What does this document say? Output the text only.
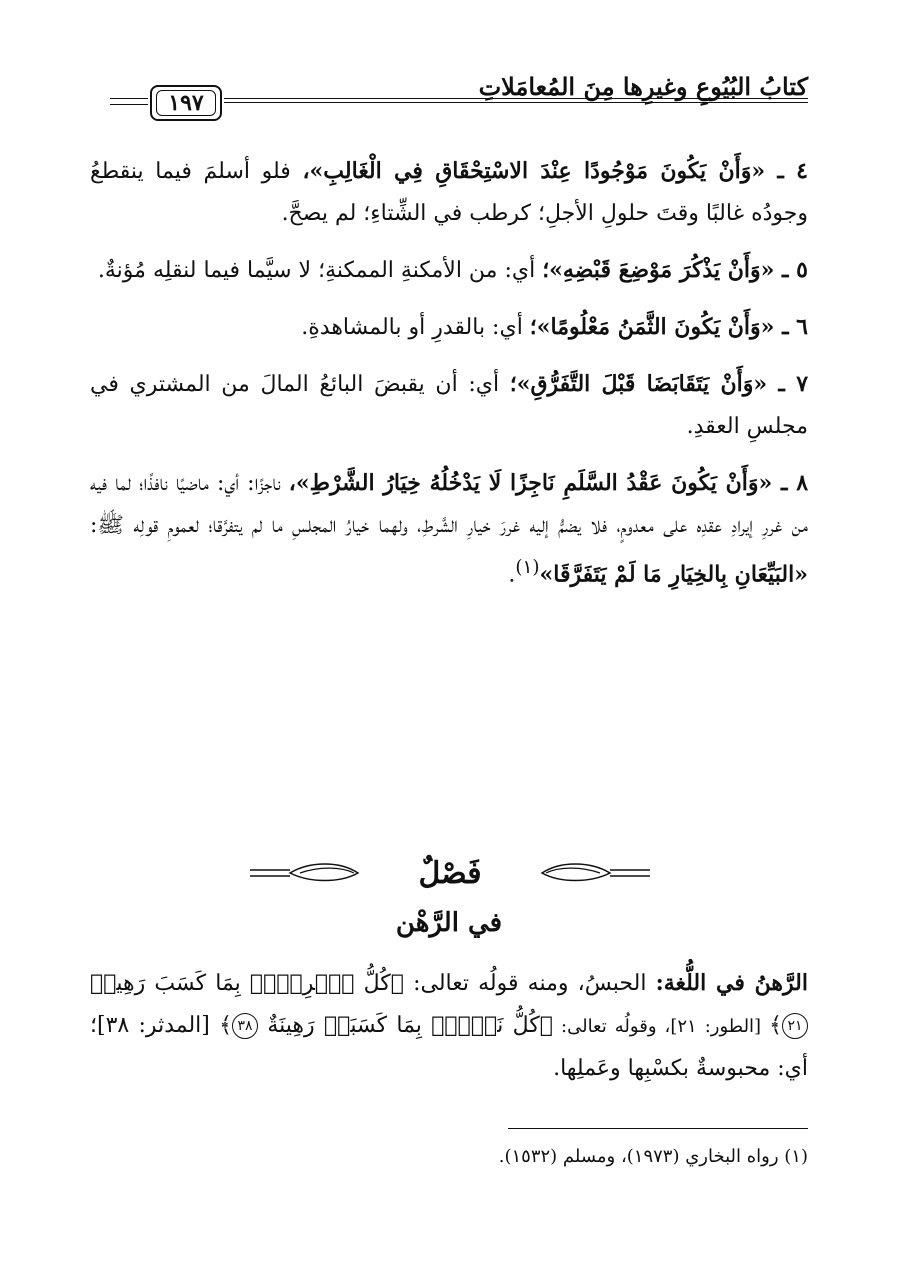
كتابُ البُيُوعِ وغيرِها مِنَ المُعامَلاتِ
١٩٧

٤ ـ «وَأَنْ يَكُونَ مَوْجُودًا عِنْدَ الاسْتِحْقَاقِ فِي الْغَالِبِ»، فلو أسلمَ فيما ينقطعُ وجودُه غالبًا وقتَ حلولِ الأجلِ؛ كرطب في الشِّتاءِ؛ لم يصحَّ.

٥ ـ «وَأَنْ يَذْكُرَ مَوْضِعَ قَبْضِهِ»؛ أي: من الأمكنةِ الممكنةِ؛ لا سيَّما فيما لنقلِه مُؤنةٌ.

٦ ـ «وَأَنْ يَكُونَ الثَّمَنُ مَعْلُومًا»؛ أي: بالقدرِ أو بالمشاهدةِ.

٧ ـ «وَأَنْ يَتَقَابَضَا قَبْلَ التَّفَرُّقِ»؛ أي: أن يقبضَ البائعُ المالَ من المشتري في مجلسِ العقدِ.

٨ ـ «وَأَنْ يَكُونَ عَقْدُ السَّلَمِ نَاجِزًا لَا يَدْخُلُهُ خِيَارُ الشَّرْطِ»، ناجزًا: أي: ماضيًا نافذًا؛ لما فيه من غررِ إيرادِ عقدِه على معدومٍ، فلا يضمُّ إليه غررَ خيارِ الشَّرطِ، ولهما خيارُ المجلسِ ما لم يتفرَّقا؛ لعمومِ قولِه ﷺ: «البَيِّعَانِ بِالخِيَارِ مَا لَمْ يَتَفَرَّقَا»$^{(١)}$.

فَصْلٌ
في الرَّهْن

الرَّهنُ في اللُّغة: الحبسُ، ومنه قولُه تعالى: ﴿كُلُّ ٱمۡرِيِٕۭ بِمَا كَسَبَ رَهِينٞ ٢١﴾ [الطور: ٢١]، وقولُه تعالى: ﴿كُلُّ نَفۡسِۭ بِمَا كَسَبَتۡ رَهِينَةٌ ٣٨﴾ [المدثر: ٣٨]؛ أي: محبوسةٌ بكسْبِها وعَملِها.

(١) رواه البخاري (١٩٧٣)، ومسلم (١٥٣٢).
